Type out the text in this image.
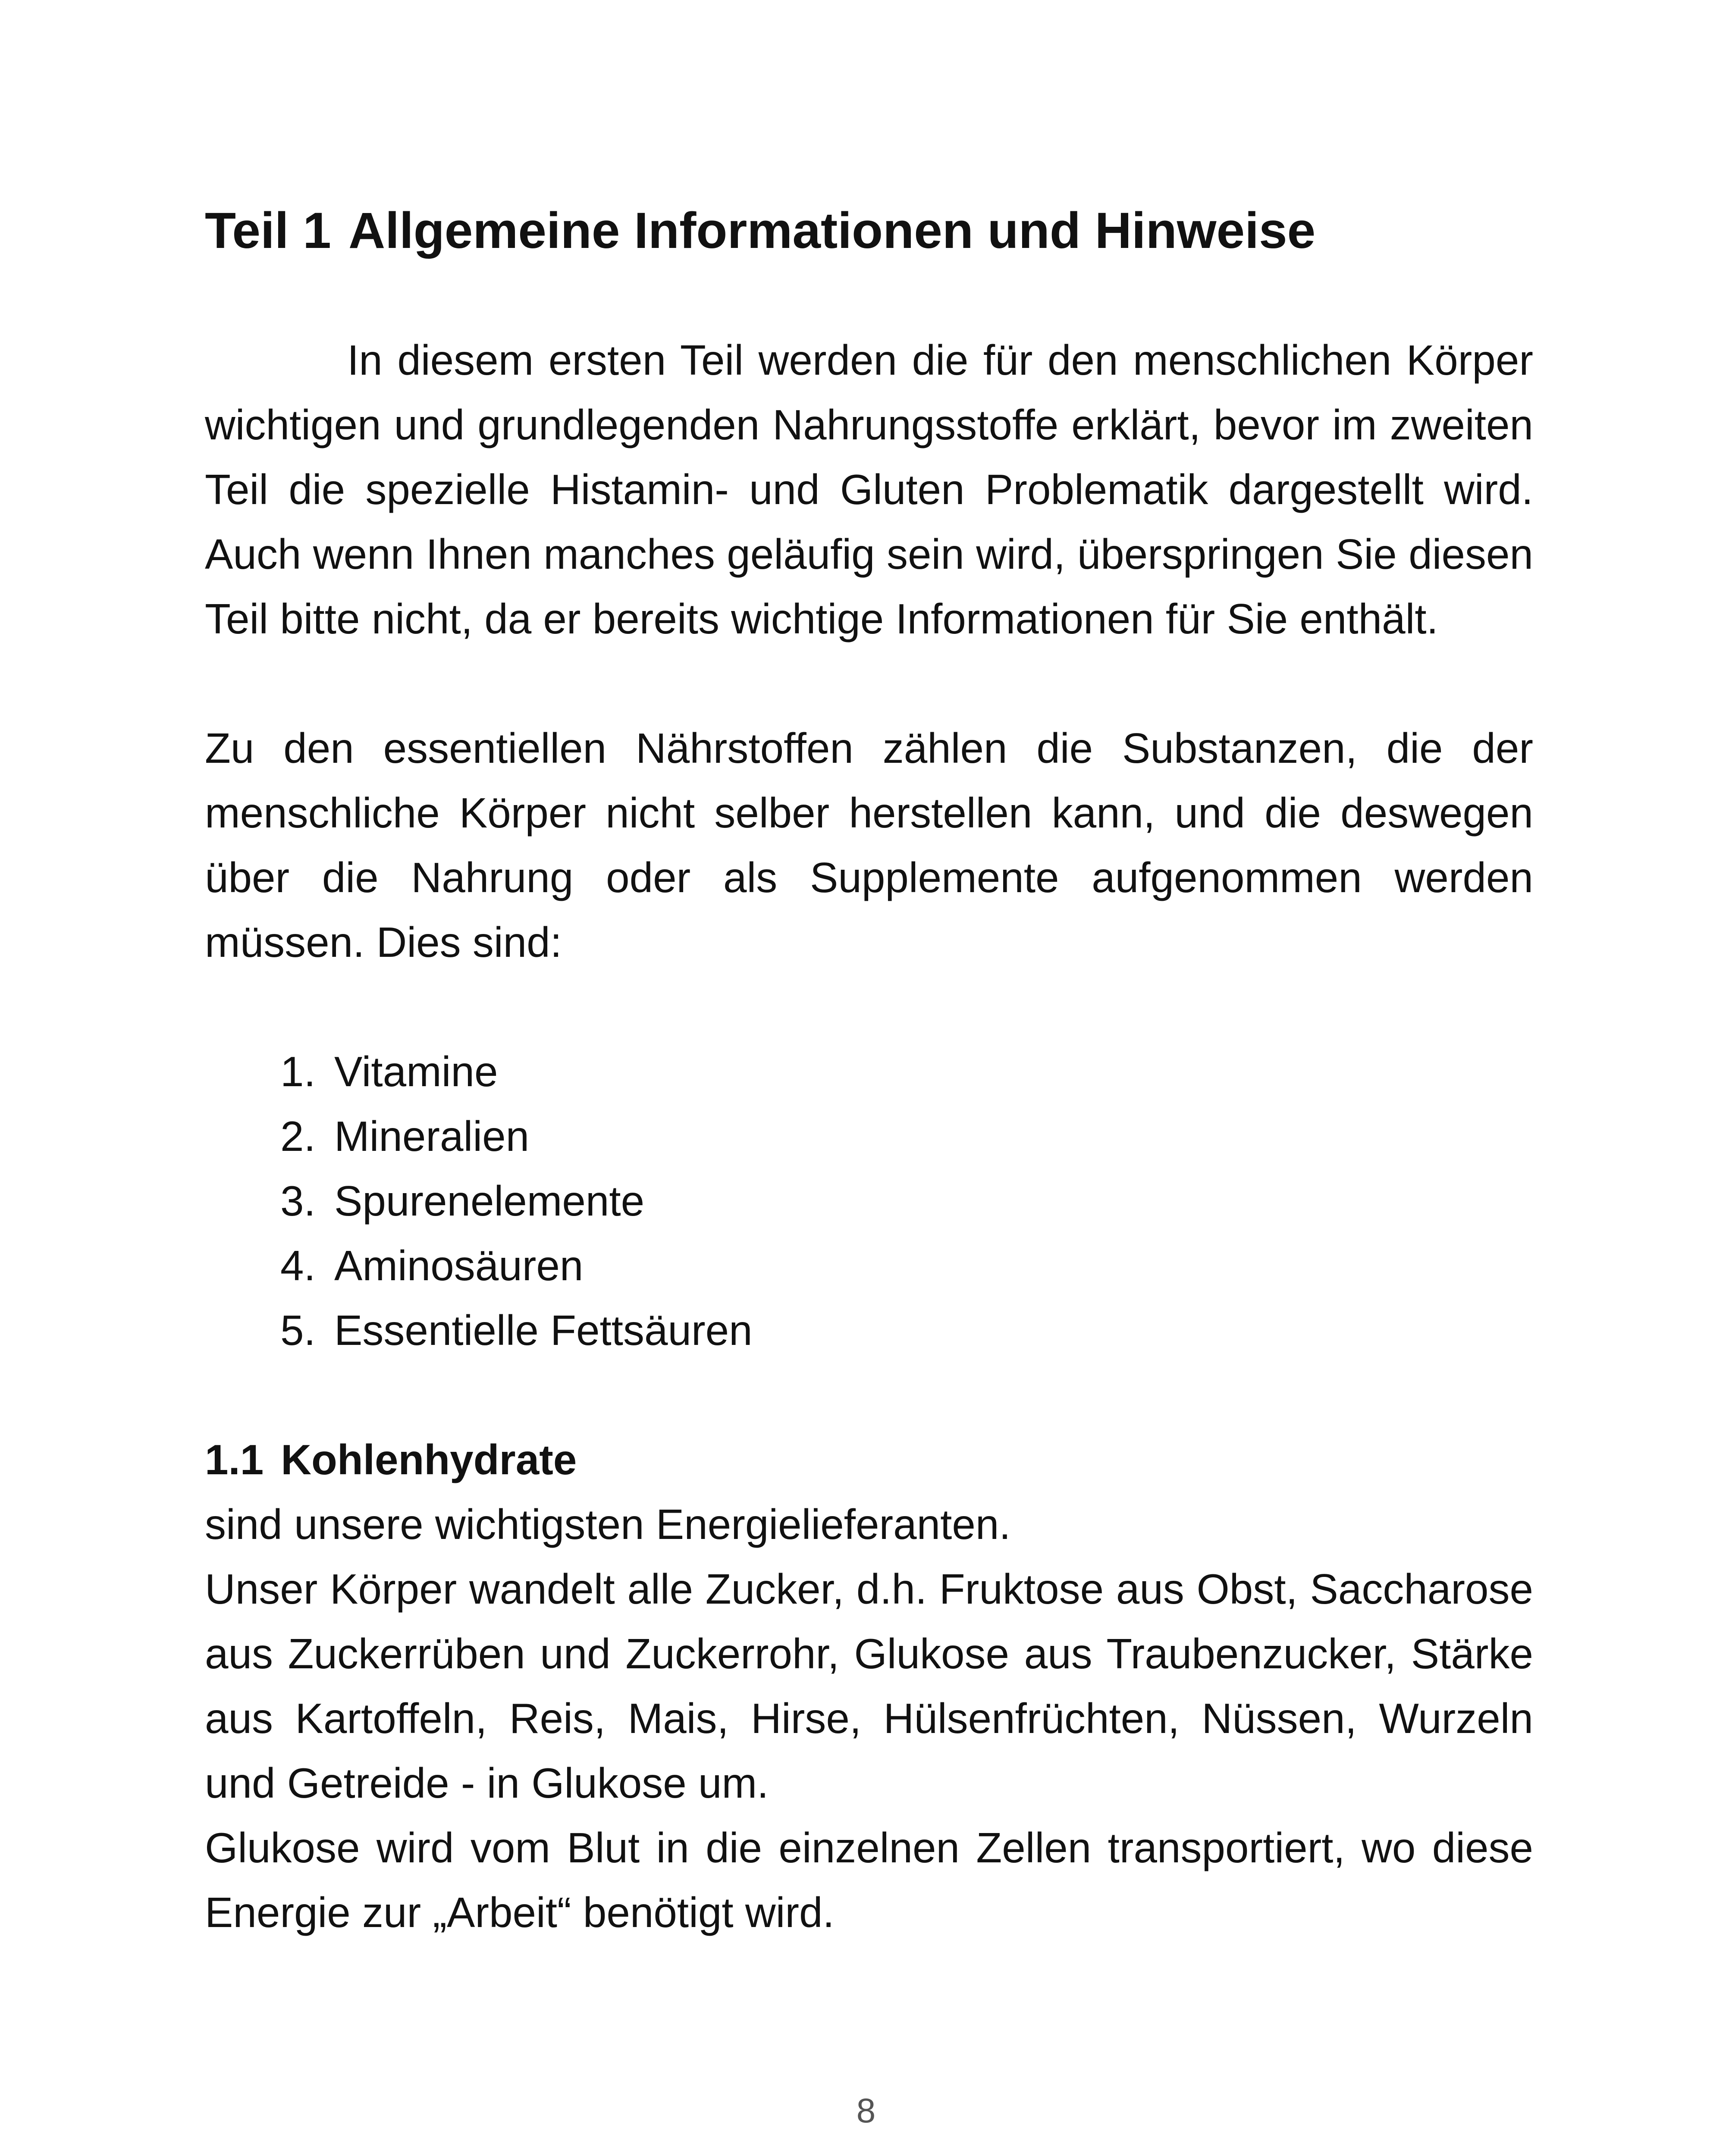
Teil 1 Allgemeine Informationen und Hinweise

In diesem ersten Teil werden die für den menschlichen Körper wichtigen und grundlegenden Nahrungsstoffe erklärt, bevor im zweiten Teil die spezielle Histamin- und Gluten Problematik dargestellt wird. Auch wenn Ihnen manches geläufig sein wird, überspringen Sie diesen Teil bitte nicht, da er bereits wichtige Informationen für Sie enthält.

Zu den essentiellen Nährstoffen zählen die Substanzen, die der menschliche Körper nicht selber herstellen kann, und die deswegen über die Nahrung oder als Supplemente aufgenommen werden müssen. Dies sind:

1. Vitamine
2. Mineralien
3. Spurenelemente
4. Aminosäuren
5. Essentielle Fettsäuren
1.1 Kohlenhydrate

sind unsere wichtigsten Energielieferanten.

Unser Körper wandelt alle Zucker, d.h. Fruktose aus Obst, Saccharose aus Zuckerrüben und Zuckerrohr, Glukose aus Traubenzucker, Stärke aus Kartoffeln, Reis, Mais, Hirse, Hülsenfrüchten, Nüssen, Wurzeln und Getreide - in Glukose um.

Glukose wird vom Blut in die einzelnen Zellen transportiert, wo diese Energie zur „Arbeit“ benötigt wird.

8
